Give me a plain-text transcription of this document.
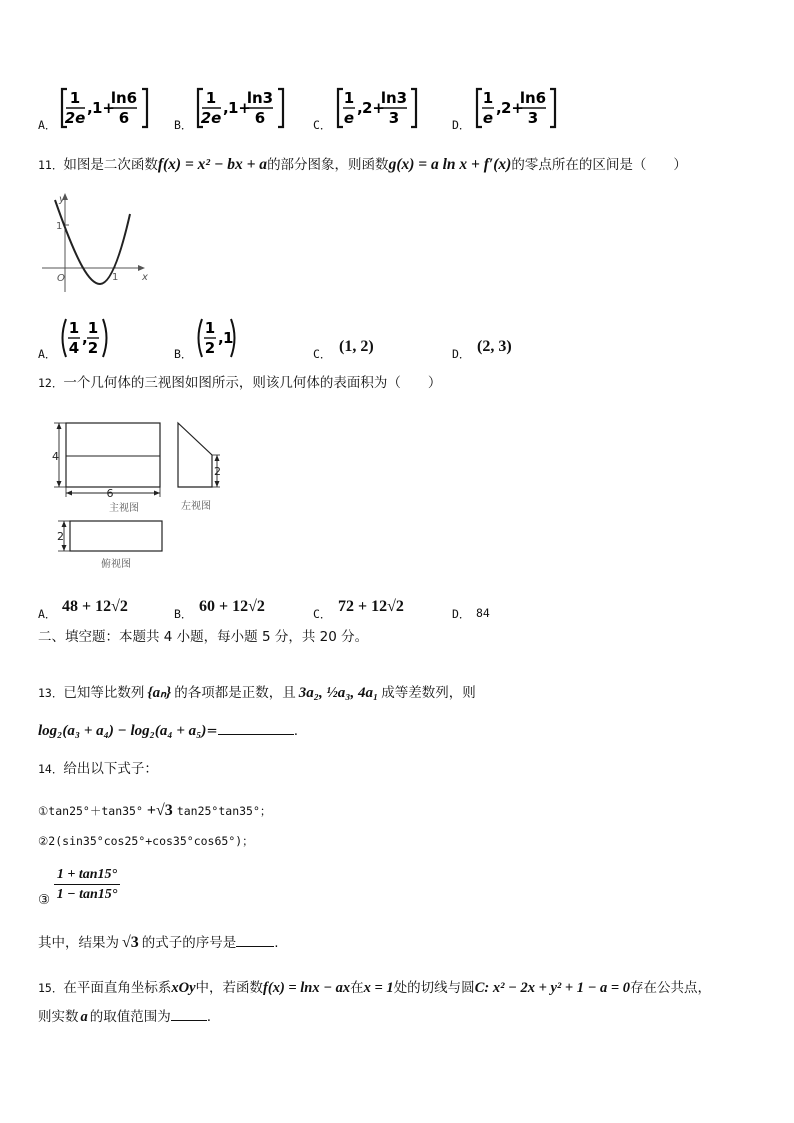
A．
1
2e
, 1+
ln6
6	B．
1
2e
, 1+
ln3
6	C．
1
e
, 2+
ln3
3	D．
1
e
, 2+
ln6
3
11．如图是二次函数f(x) = x² − bx + a的部分图象，则函数g(x) = a ln x + f′(x)的零点所在的区间是（　　）
y
x
O
1
1
A．
1
4
,
1
2	B．
1
2
, 1
C． (1, 2)	D． (2, 3)
12．一个几何体的三视图如图所示，则该几何体的表面积为（　　）
4
6
主视图
2
左视图
2
俯视图
A． 48 + 12√2	B． 60 + 12√2	C． 72 + 12√2	D． 84
二、填空题：本题共 4 小题，每小题 5 分，共 20 分。
13．已知等比数列 {aₙ} 的各项都是正数，且 3a₂, ½a₃, 4a₁ 成等差数列，则
log₂(a₃ + a₄) − log₂(a₄ + a₅)=	.
14．给出以下式子：
①tan25°＋tan35° +√3 tan25°tan35°；
②2(sin35°cos25°+cos35°cos65°)；
③
1 + tan15°
1 − tan15°
其中，结果为 √3 的式子的序号是	.
15．在平面直角坐标系xOy中，若函数f(x) = lnx − ax在x = 1处的切线与圆C: x² − 2x + y² + 1 − a = 0存在公共点，
则实数 a 的取值范围为	.
